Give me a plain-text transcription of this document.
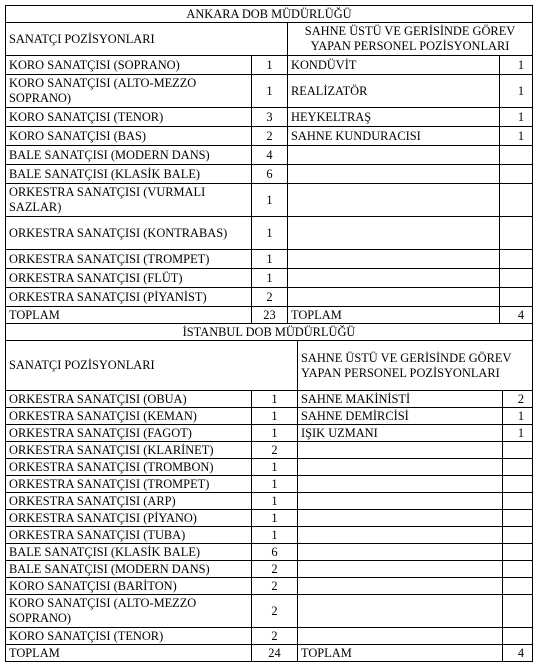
ANKARA DOB MÜDÜRLÜĞÜ			
SANATÇI POZİSYONLARI		SAHNE ÜSTÜ VE GERİSİNDE GÖREV YAPAN PERSONEL POZİSYONLARI	
KORO SANATÇISI (SOPRANO)	1	KONDÜVİT	1
KORO SANATÇISI (ALTO-MEZZO SOPRANO)	1	REALİZATÖR	1
KORO SANATÇISI (TENOR)	3	HEYKELTRAŞ	1
KORO SANATÇISI (BAS)	2	SAHNE KUNDURACISI	1
BALE SANATÇISI (MODERN DANS)	4		
BALE SANATÇISI (KLASİK BALE)	6		
ORKESTRA SANATÇISI (VURMALI SAZLAR)	1		
ORKESTRA SANATÇISI (KONTRABAS)	1		
ORKESTRA SANATÇISI (TROMPET)	1		
ORKESTRA SANATÇISI (FLÜT)	1		
ORKESTRA SANATÇISI (PİYANİST)	2		
TOPLAM	23	TOPLAM	4
İSTANBUL DOB MÜDÜRLÜĞÜ			
SANATÇI POZİSYONLARI		SAHNE ÜSTÜ VE GERİSİNDE GÖREV YAPAN PERSONEL POZİSYONLARI	
ORKESTRA SANATÇISI (OBUA)	1	SAHNE MAKİNİSTİ	2
ORKESTRA SANATÇISI (KEMAN)	1	SAHNE DEMİRCİSİ	1
ORKESTRA SANATÇISI (FAGOT)	1	IŞIK UZMANI	1
ORKESTRA SANATÇISI (KLARİNET)	2		
ORKESTRA SANATÇISI (TROMBON)	1		
ORKESTRA SANATÇISI (TROMPET)	1		
ORKESTRA SANATÇISI (ARP)	1		
ORKESTRA SANATÇISI (PİYANO)	1		
ORKESTRA SANATÇISI (TUBA)	1		
BALE SANATÇISI (KLASİK BALE)	6		
BALE SANATÇISI (MODERN DANS)	2		
KORO SANATÇISI (BARİTON)	2		
KORO SANATÇISI (ALTO-MEZZO SOPRANO)	2		
KORO SANATÇISI (TENOR)	2		
TOPLAM	24	TOPLAM	4
